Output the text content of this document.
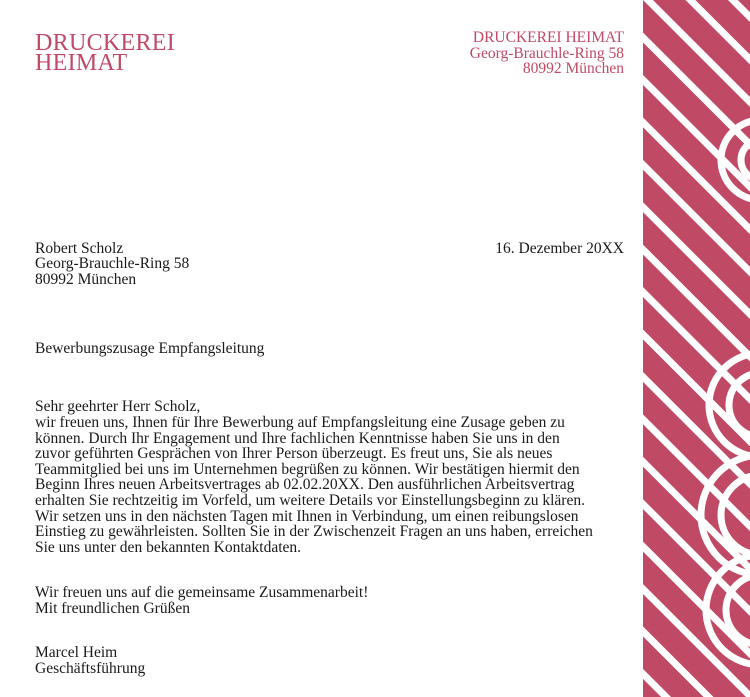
DRUCKEREI
HEIMAT
DRUCKEREI HEIMAT
Georg-Brauchle-Ring 58
80992 München
Robert Scholz
Georg-Brauchle-Ring 58
80992 München
16. Dezember 20XX
Bewerbungszusage Empfangsleitung
Sehr geehrter Herr Scholz,
wir freuen uns, Ihnen für Ihre Bewerbung auf Empfangsleitung eine Zusage geben zu können. Durch Ihr Engagement und Ihre fachlichen Kenntnisse haben Sie uns in den zuvor geführten Gesprächen von Ihrer Person überzeugt. Es freut uns, Sie als neues Teammitglied bei uns im Unternehmen begrüßen zu können. Wir bestätigen hiermit den Beginn Ihres neuen Arbeitsvertrages ab 02.02.20XX. Den ausführlichen Arbeitsvertrag erhalten Sie rechtzeitig im Vorfeld, um weitere Details vor Einstellungsbeginn zu klären. Wir setzen uns in den nächsten Tagen mit Ihnen in Verbindung, um einen reibungslosen Einstieg zu gewährleisten. Sollten Sie in der Zwischenzeit Fragen an uns haben, erreichen Sie uns unter den bekannten Kontaktdaten.
Wir freuen uns auf die gemeinsame Zusammenarbeit!
Mit freundlichen Grüßen
Marcel Heim
Geschäftsführung
